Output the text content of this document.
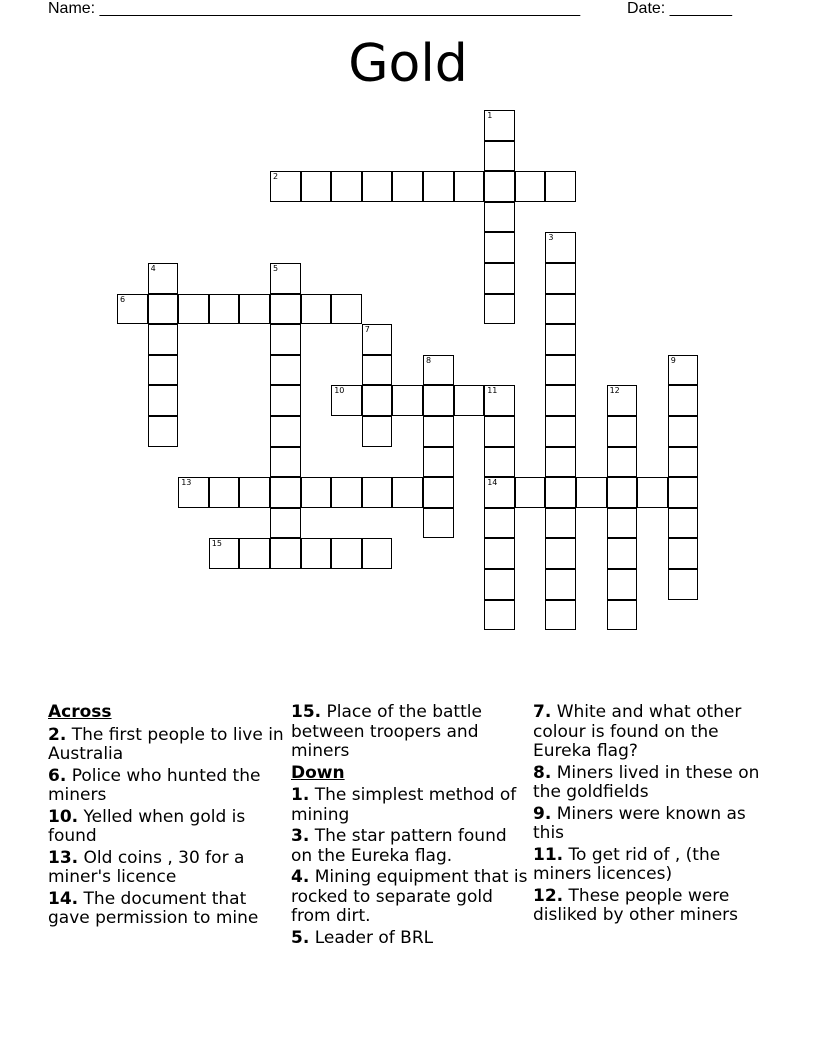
Name: ______________________________________________________	Date: _______
Gold
1
2
3
4	5
6
7
8	9
10	11
14
12
13
15
Across
2. The first people to live in Australia
6. Police who hunted the miners
10. Yelled when gold is found
13. Old coins , 30 for a miner's licence
14. The document that gave permission to mine
15. Place of the battle between troopers and miners
Down
1. The simplest method of mining
3. The star pattern found on the Eureka flag.
4. Mining equipment that is rocked to separate gold from dirt.
5. Leader of BRL
7. White and what other colour is found on the Eureka flag?
8. Miners lived in these on the goldfields
9. Miners were known as this
11. To get rid of , (the miners licences)
12. These people were disliked by other miners
